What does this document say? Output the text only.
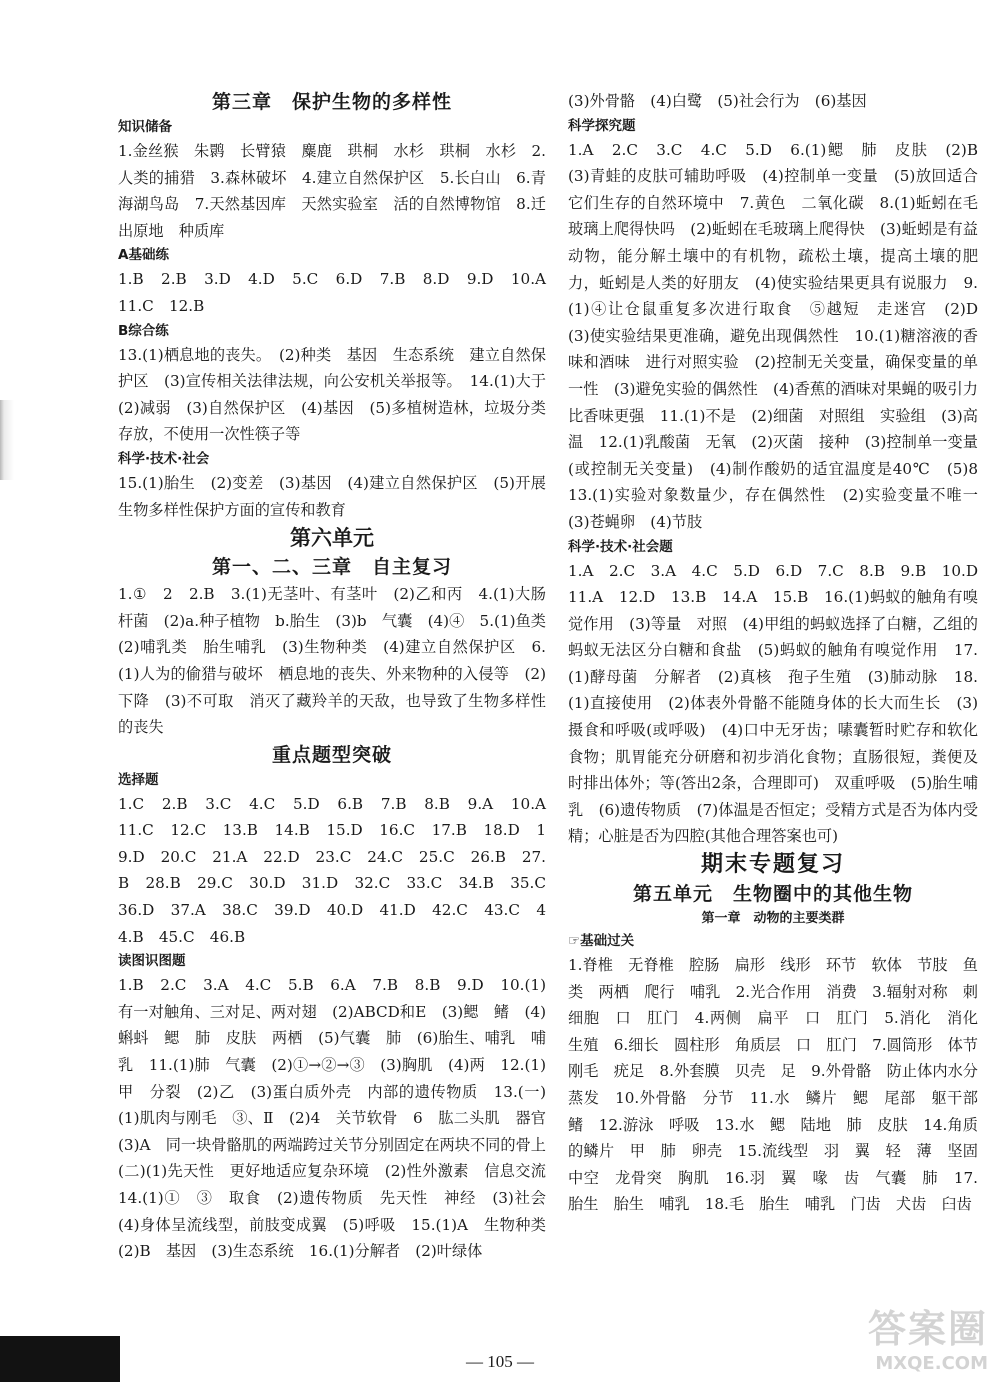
第三章　保护生物的多样性
知识储备
1.金丝猴　朱鹮　长臂猿　麋鹿　珙桐　水杉　珙桐　水杉　2.人类的捕猎　3.森林破坏　4.建立自然保护区　5.长白山　6.青海湖鸟岛　7.天然基因库　天然实验室　活的自然博物馆　8.迁出原地　种质库
A基础练
1.B　2.B　3.D　4.D　5.C　6.D　7.B　8.D　9.D　10.A　11.C　12.B
B综合练
13.(1)栖息地的丧失。　(2)种类　基因　生态系统　建立自然保护区　(3)宣传相关法律法规，向公安机关举报等。　14.(1)大于　(2)减弱　(3)自然保护区　(4)基因　(5)多植树造林，垃圾分类存放，不使用一次性筷子等
科学·技术·社会
15.(1)胎生　(2)变差　(3)基因　(4)建立自然保护区　(5)开展生物多样性保护方面的宣传和教育
第六单元
第一、二、三章　自主复习
1.①　2　2.B　3.(1)无茎叶、有茎叶　(2)乙和丙　4.(1)大肠杆菌　(2)a.种子植物　b.胎生　(3)b　气囊　(4)④　5.(1)鱼类　(2)哺乳类　胎生哺乳　(3)生物种类　(4)建立自然保护区　6.(1)人为的偷猎与破坏　栖息地的丧失、外来物种的入侵等　(2)下降　(3)不可取　消灭了藏羚羊的天敌，也导致了生物多样性的丧失
重点题型突破
选择题
1.C　2.B　3.C　4.C　5.D　6.B　7.B　8.B　9.A　10.A　11.C　12.C　13.B　14.B　15.D　16.C　17.B　18.D　19.D　20.C　21.A　22.D　23.C　24.C　25.C　26.B　27.B　28.B　29.C　30.D　31.D　32.C　33.C　34.B　35.C　36.D　37.A　38.C　39.D　40.D　41.D　42.C　43.C　44.B　45.C　46.B
读图识图题
1.B　2.C　3.A　4.C　5.B　6.A　7.B　8.B　9.D　10.(1)有一对触角、三对足、两对翅　(2)ABCD和E　(3)鳃　鳍　(4)蝌蚪　鳃　肺　皮肤　两栖　(5)气囊　肺　(6)胎生、哺乳　哺乳　11.(1)肺　气囊　(2)①→②→③　(3)胸肌　(4)两　12.(1)甲　分裂　(2)乙　(3)蛋白质外壳　内部的遗传物质　13.(一)(1)肌肉与刚毛　③、Ⅱ　(2)4　关节软骨　6　肱二头肌　器官　(3)A　同一块骨骼肌的两端跨过关节分别固定在两块不同的骨上　(二)(1)先天性　更好地适应复杂环境　(2)性外激素　信息交流　14.(1)①　③　取食　(2)遗传物质　先天性　神经　(3)社会　(4)身体呈流线型，前肢变成翼　(5)呼吸　15.(1)A　生物种类　(2)B　基因　(3)生态系统　16.(1)分解者　(2)叶绿体
(3)外骨骼　(4)白鹭　(5)社会行为　(6)基因
科学探究题
1.A　2.C　3.C　4.C　5.D　6.(1)鳃　肺　皮肤　(2)B　(3)青蛙的皮肤可辅助呼吸　(4)控制单一变量　(5)放回适合它们生存的自然环境中　7.黄色　二氧化碳　8.(1)蚯蚓在毛玻璃上爬得快吗　(2)蚯蚓在毛玻璃上爬得快　(3)蚯蚓是有益动物，能分解土壤中的有机物，疏松土壤，提高土壤的肥力，蚯蚓是人类的好朋友　(4)使实验结果更具有说服力　9.(1)④让仓鼠重复多次进行取食　⑤越短　走迷宫　(2)D　(3)使实验结果更准确，避免出现偶然性　10.(1)糖溶液的香味和酒味　进行对照实验　(2)控制无关变量，确保变量的单一性　(3)避免实验的偶然性　(4)香蕉的酒味对果蝇的吸引力比香味更强　11.(1)不是　(2)细菌　对照组　实验组　(3)高温　12.(1)乳酸菌　无氧　(2)灭菌　接种　(3)控制单一变量(或控制无关变量)　(4)制作酸奶的适宜温度是40℃　(5)8　13.(1)实验对象数量少，存在偶然性　(2)实验变量不唯一　(3)苍蝇卵　(4)节肢
科学·技术·社会题
1.A　2.C　3.A　4.C　5.D　6.D　7.C　8.B　9.B　10.D　11.A　12.D　13.B　14.A　15.B　16.(1)蚂蚁的触角有嗅觉作用　(3)等量　对照　(4)甲组的蚂蚁选择了白糖，乙组的蚂蚁无法区分白糖和食盐　(5)蚂蚁的触角有嗅觉作用　17.(1)酵母菌　分解者　(2)真核　孢子生殖　(3)肺动脉　18.(1)直接使用　(2)体表外骨骼不能随身体的长大而生长　(3)摄食和呼吸(或呼吸)　(4)口中无牙齿；嗉囊暂时贮存和软化食物；肌胃能充分研磨和初步消化食物；直肠很短，粪便及时排出体外；等(答出2条，合理即可)　双重呼吸　(5)胎生哺乳　(6)遗传物质　(7)体温是否恒定；受精方式是否为体内受精；心脏是否为四腔(其他合理答案也可)
期末专题复习
第五单元　生物圈中的其他生物
第一章　动物的主要类群
☞基础过关
1.脊椎　无脊椎　腔肠　扁形　线形　环节　软体　节肢　鱼类　两栖　爬行　哺乳　2.光合作用　消费　3.辐射对称　刺细胞　口　肛门　4.两侧　扁平　口　肛门　5.消化　消化　生殖　6.细长　圆柱形　角质层　口　肛门　7.圆筒形　体节　刚毛　疣足　8.外套膜　贝壳　足　9.外骨骼　防止体内水分蒸发　10.外骨骼　分节　11.水　鳞片　鳃　尾部　躯干部　鳍　12.游泳　呼吸　13.水　鳃　陆地　肺　皮肤　14.角质的鳞片　甲　肺　卵壳　15.流线型　羽　翼　轻　薄　坚固　中空　龙骨突　胸肌　16.羽　翼　喙　齿　气囊　肺　17.胎生　胎生　哺乳　18.毛　胎生　哺乳　门齿　犬齿　臼齿
— 105 —
答案圈
MXQE.COM
